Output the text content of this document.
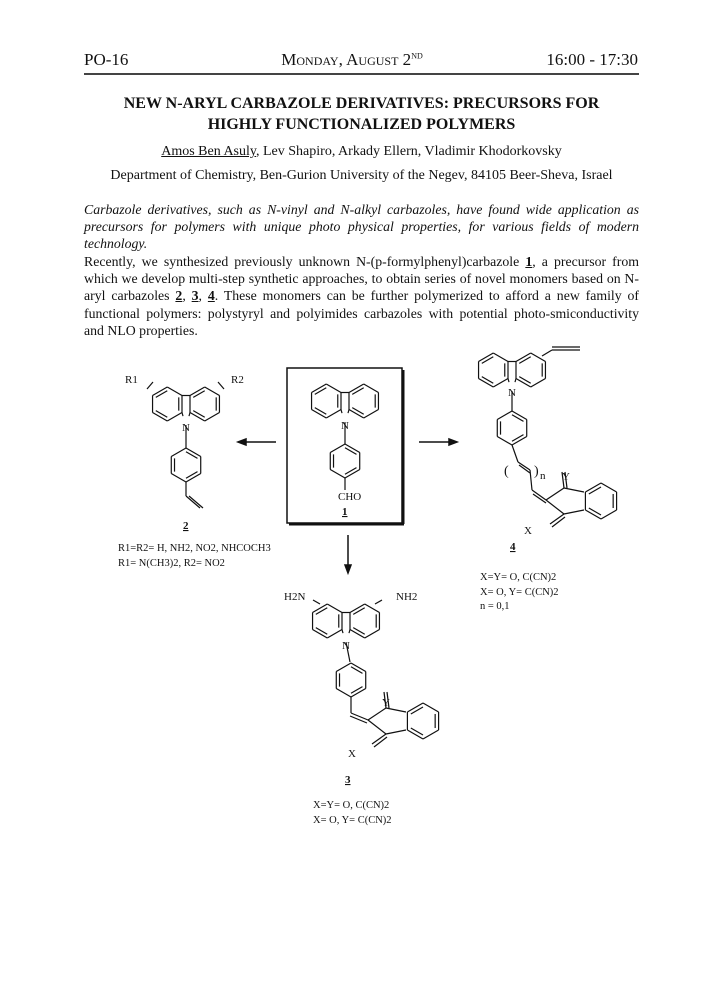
PO-16	Monday, August 2ND	16:00 - 17:30
NEW N-ARYL CARBAZOLE DERIVATIVES: PRECURSORS FOR
HIGHLY FUNCTIONALIZED POLYMERS
Amos Ben Asuly, Lev Shapiro, Arkady Ellern, Vladimir Khodorkovsky
Department of Chemistry, Ben-Gurion University of the Negev, 84105 Beer-Sheva, Israel
Carbazole derivatives, such as N-vinyl and N-alkyl carbazoles, have found wide application as precursors for polymers with unique photo physical properties, for various fields of modern technology.
Recently, we synthesized previously unknown N-(p-formylphenyl)carbazole 1, a precursor from which we develop multi-step synthetic approaches, to obtain series of novel monomers based on N-aryl carbazoles 2, 3, 4. These monomers can be further polymerized to afford a new family of functional polymers: polystyryl and polyimides carbazoles with potential photo-smiconductivity and NLO properties.
N
CHO
1
R1	R2
N
2
R1=R2= H, NH2, NO2, NHCOCH3
R1= N(CH3)2, R2= NO2
N
( ) n Y
X
4
X=Y= O, C(CN)2
X= O, Y= C(CN)2
n = 0,1
H2N	NH2
N
Y
X
3
X=Y= O, C(CN)2
X= O, Y= C(CN)2
